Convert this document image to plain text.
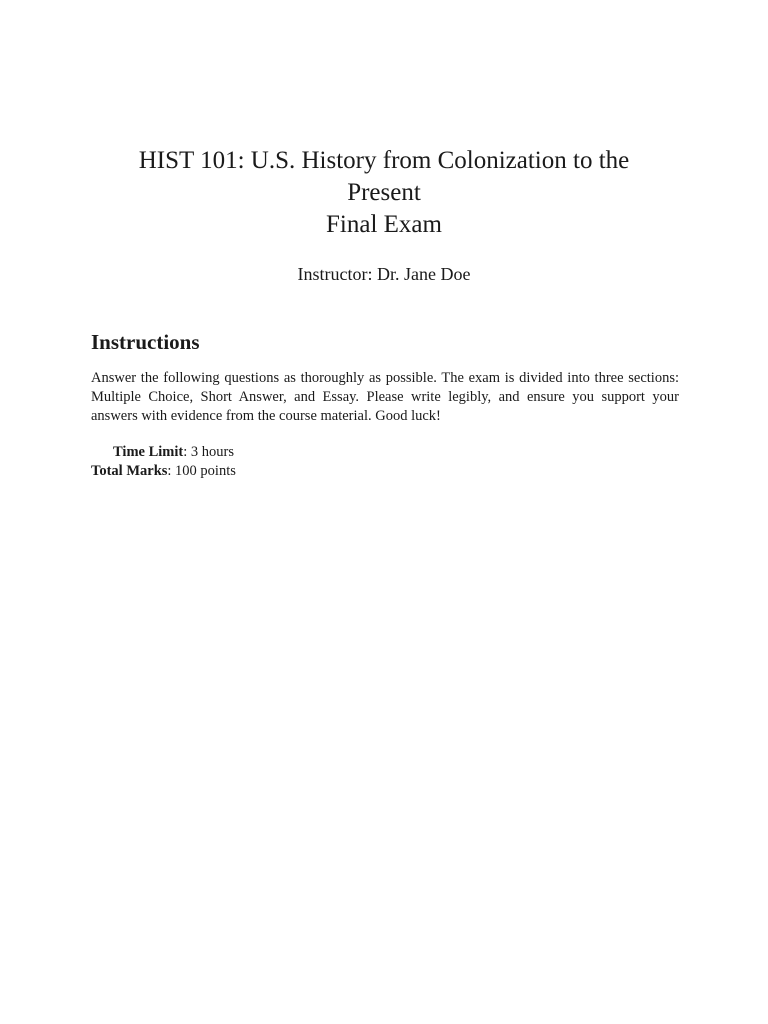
HIST 101: U.S. History from Colonization to the
Present
Final Exam
Instructor: Dr. Jane Doe
Instructions

Answer the following questions as thoroughly as possible. The exam is divided into three sections: Multiple Choice, Short Answer, and Essay. Please write legibly, and ensure you support your answers with evidence from the course material. Good luck!

Time Limit: 3 hours
Total Marks: 100 points
